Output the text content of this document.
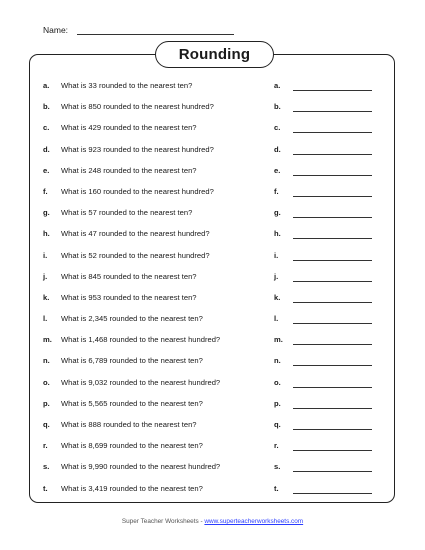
Name:
Rounding
a. What is 33 rounded to the nearest ten?	a.
b. What is 850 rounded to the nearest hundred?	b.
c. What is 429 rounded to the nearest ten?	c.
d. What is 923 rounded to the nearest hundred?	d.
e. What is 248 rounded to the nearest ten?	e.
f. What is 160 rounded to the nearest hundred?	f.
g. What is 57 rounded to the nearest ten?	g.
h. What is 47 rounded to the nearest hundred?	h.
i. What is 52 rounded to the nearest hundred?	i.
j. What is 845 rounded to the nearest ten?	j.
k. What is 953 rounded to the nearest ten?	k.
l. What is 2,345 rounded to the nearest ten?	l.
m. What is 1,468 rounded to the nearest hundred?	m.
n. What is 6,789 rounded to the nearest ten?	n.
o. What is 9,032 rounded to the nearest hundred?	o.
p. What is 5,565 rounded to the nearest ten?	p.
q. What is 888 rounded to the nearest ten?	q.
r. What is 8,699 rounded to the nearest ten?	r.
s. What is 9,990 rounded to the nearest hundred?	s.
t. What is 3,419 rounded to the nearest ten?	t.
Super Teacher Worksheets - www.superteacherworksheets.com
